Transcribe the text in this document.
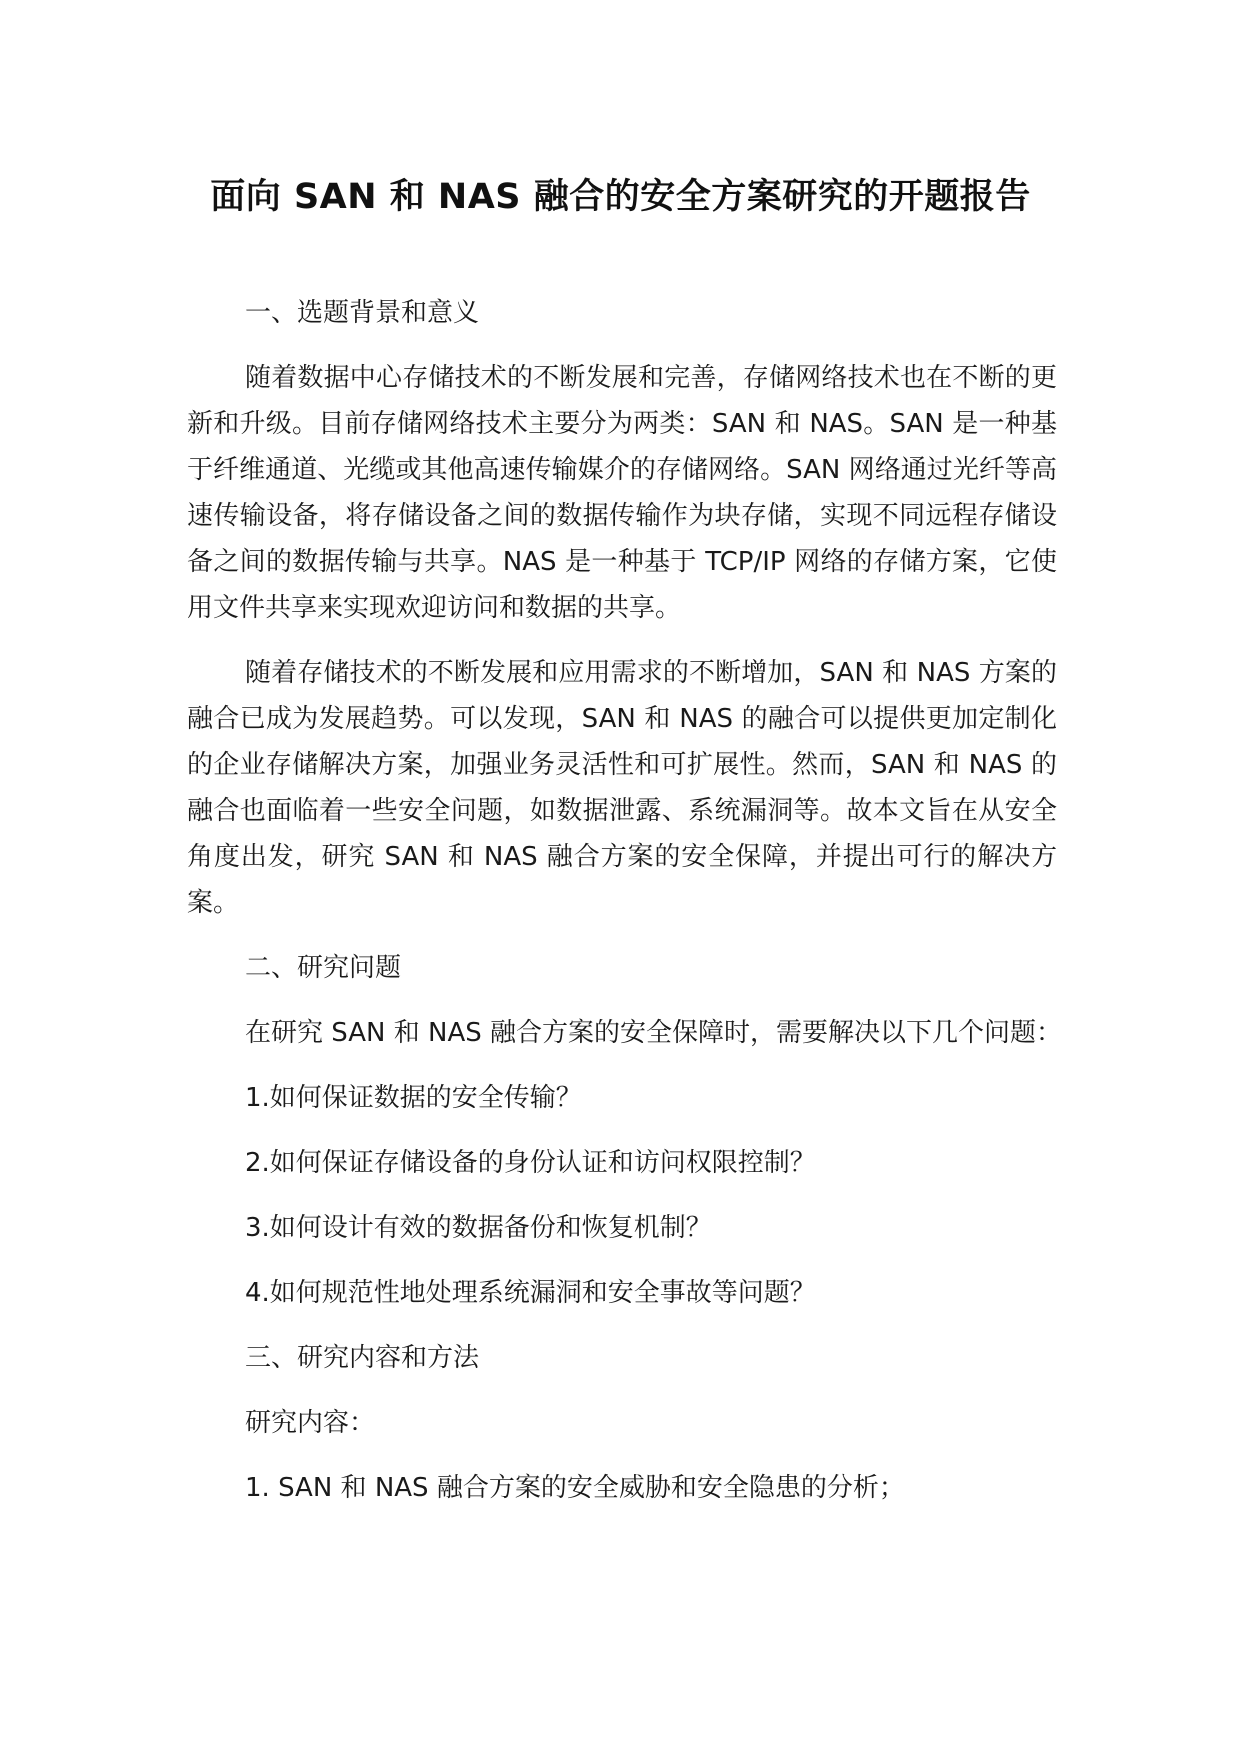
面向 SAN 和 NAS 融合的安全方案研究的开题报告

一、选题背景和意义

随着数据中心存储技术的不断发展和完善，存储网络技术也在不断的更新和升级。目前存储网络技术主要分为两类：SAN 和 NAS。SAN 是一种基于纤维通道、光缆或其他高速传输媒介的存储网络。SAN 网络通过光纤等高速传输设备，将存储设备之间的数据传输作为块存储，实现不同远程存储设备之间的数据传输与共享。NAS 是一种基于 TCP/IP 网络的存储方案，它使用文件共享来实现欢迎访问和数据的共享。

随着存储技术的不断发展和应用需求的不断增加，SAN 和 NAS 方案的融合已成为发展趋势。可以发现，SAN 和 NAS 的融合可以提供更加定制化的企业存储解决方案，加强业务灵活性和可扩展性。然而，SAN 和 NAS 的融合也面临着一些安全问题，如数据泄露、系统漏洞等。故本文旨在从安全角度出发，研究 SAN 和 NAS 融合方案的安全保障，并提出可行的解决方案。

二、研究问题

在研究 SAN 和 NAS 融合方案的安全保障时，需要解决以下几个问题：

1.如何保证数据的安全传输？

2.如何保证存储设备的身份认证和访问权限控制？

3.如何设计有效的数据备份和恢复机制？

4.如何规范性地处理系统漏洞和安全事故等问题？

三、研究内容和方法

研究内容：

1. SAN 和 NAS 融合方案的安全威胁和安全隐患的分析；
